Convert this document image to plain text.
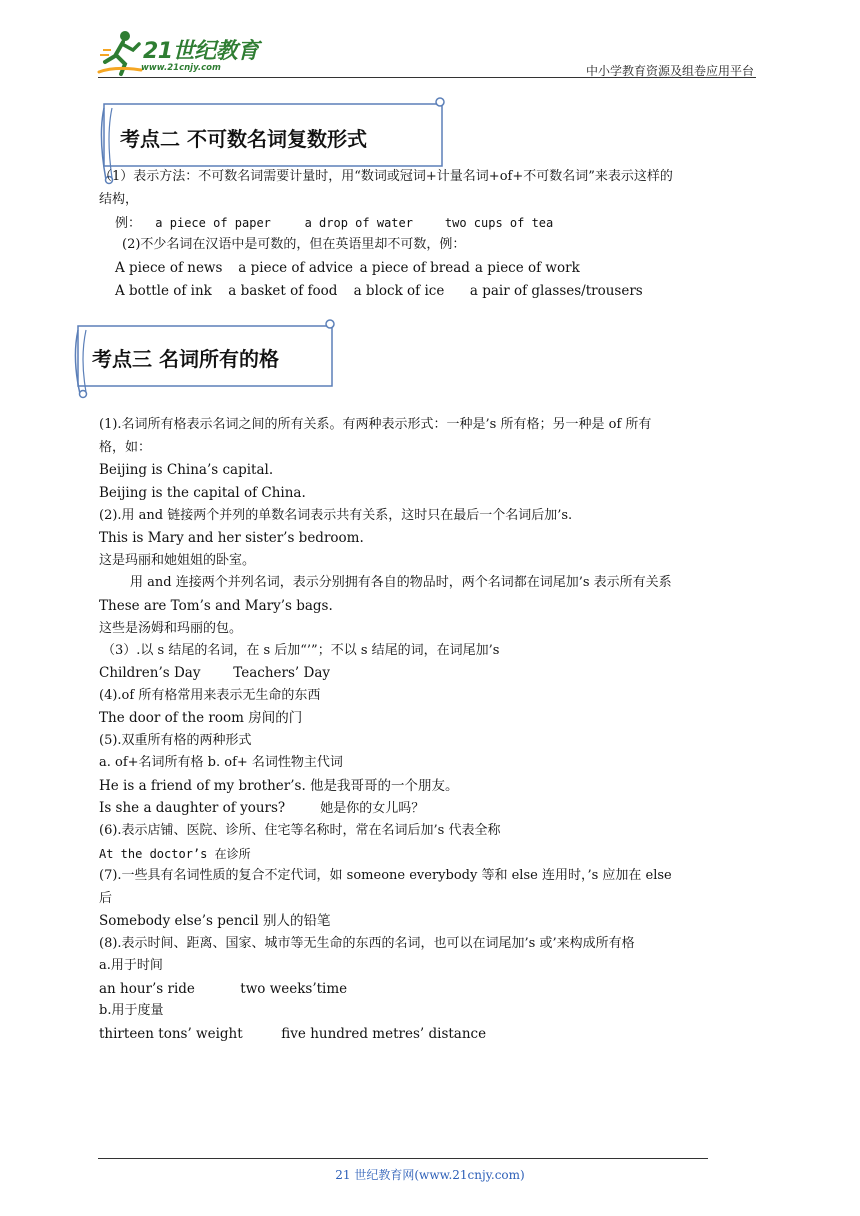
21世纪教育
www.21cnjy.com	中小学教育资源及组卷应用平台
考点二 不可数名词复数形式
（1）表示方法：不可数名词需要计量时，用“数词或冠词+计量名词+of+不可数名词”来表示这样的
结构，
例： a piece of paper	a drop of water	two cups of tea
(2)不少名词在汉语中是可数的，但在英语里却不可数，例：
A piece of news a piece of advice a piece of bread a piece of work
A bottle of ink a basket of food a block of ice a pair of glasses/trousers
考点三 名词所有的格
(1).名词所有格表示名词之间的所有关系。有两种表示形式：一种是’s 所有格；另一种是 of 所有
格，如：
Beijing is China’s capital.
Beijing is the capital of China.
(2).用 and 链接两个并列的单数名词表示共有关系，这时只在最后一个名词后加’s.
This is Mary and her sister’s bedroom.
这是玛丽和她姐姐的卧室。
用 and 连接两个并列名词，表示分别拥有各自的物品时，两个名词都在词尾加’s 表示所有关系
These are Tom’s and Mary’s bags.
这些是汤姆和玛丽的包。
（3）.以 s 结尾的名词，在 s 后加“’”；不以 s 结尾的词，在词尾加’s
Children’s Day Teachers’ Day
(4).of 所有格常用来表示无生命的东西
The door of the room 房间的门
(5).双重所有格的两种形式
a. of+名词所有格 b. of+ 名词性物主代词
He is a friend of my brother’s. 他是我哥哥的一个朋友。
Is she a daughter of yours?	她是你的女儿吗？
(6).表示店铺、医院、诊所、住宅等名称时，常在名词后加’s 代表全称
At the doctor’s 在诊所
(7).一些具有名词性质的复合不定代词，如 someone everybody 等和 else 连用时，’s 应加在 else
后
Somebody else’s pencil 别人的铅笔
(8).表示时间、距离、国家、城市等无生命的东西的名词，也可以在词尾加’s 或’来构成所有格
a.用于时间
an hour’s ride	two weeks’time
b.用于度量
thirteen tons’ weight	five hundred metres’ distance
21 世纪教育网(www.21cnjy.com)
